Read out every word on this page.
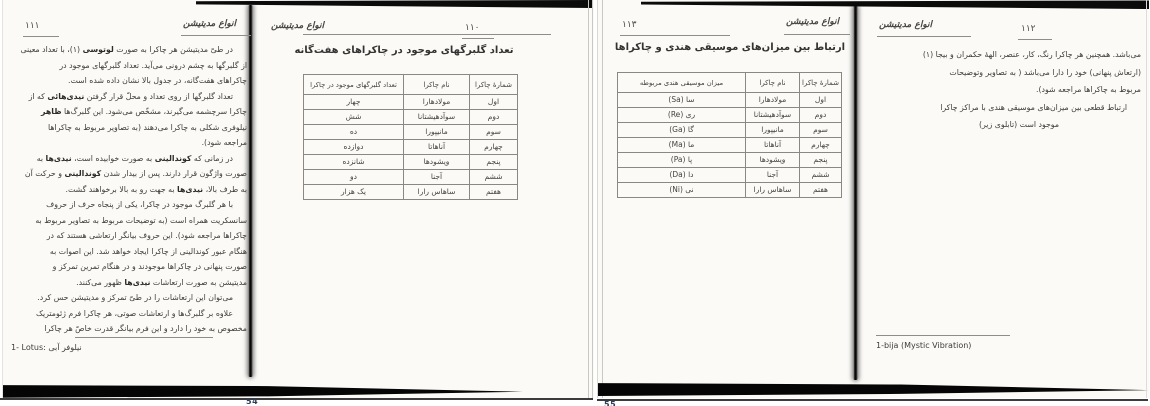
۱۱۱	انواع مدیتیشن
در طیّ مدیتیشن هر چاکرا به صورت لوتوسی (۱)، با تعداد معینی
از گلبرگها به چشم درونی می‌آید. تعداد گلبرگهای موجود در
چاکراهای هفت‌گانه، در جدول بالا نشان داده شده است.
تعداد گلبرگها از روی تعداد و محلّ قرار گرفتن نیدی‌هائی که از
چاکرا سرچشمه می‌گیرند، مشخّص می‌شود. این گلبرگ‌ها ظاهر
نیلوفری شکلی به چاکرا می‌دهند (به تصاویر مربوط به چاکراها
مراجعه شود).
در زمانی که کوندالینی به صورت خوابیده است، نیدی‌ها به
صورت واژگون قرار دارند. پس از بیدار شدن کوندالینی و حرکت آن
به طرف بالا، نیدی‌ها به جهت رو به بالا برخواهند گشت.
با هر گلبرگ موجود در چاکرا، یکی از پنجاه حرف از حروف
سانسکریت همراه است (به توضیحات مربوط به تصاویر مربوط به
چاکراها مراجعه شود). این حروف بیانگر ارتعاشی هستند که در
هنگام عبور کوندالینی از چاکرا ایجاد خواهد شد. این اصوات به
صورت پنهانی در چاکراها موجودند و در هنگام تمرین تمرکز و
مدیتیشن به صورت ارتعاشات نیدی‌ها ظهور می‌کنند.
می‌توان این ارتعاشات را در طیّ تمرکز و مدیتیشن حس کرد.
علاوه بر گلبرگ‌ها و ارتعاشات صوتی، هر چاکرا فرم ژئومتریک
مخصوص به خود را دارد و این فرم بیانگر قدرت خاصّ هر چاکرا
1- Lotus: نیلوفر آبی
انواع مدیتیشن	۱۱۰
تعداد گلبرگهای موجود در چاکراهای هفت‌گانه
شمارهٔ چاکرا	نام چاکرا	تعداد گلبرگهای موجود در چاکرا
اول	مولادهارا	چهار
دوم	سوآدهیشتانا	شش
سوم	مانیپورا	ده
چهارم	آناهاتا	دوازده
پنجم	ویشودها	شانزده
ششم	آجنا	دو
هفتم	ساهاس رارا	یک هزار
۱۱۳	انواع مدیتیشن
ارتباط بین میزان‌های موسیقی هندی و چاکراها
شمارهٔ چاکرا	نام چاکرا	میزان موسیقی هندی مربوطه
اول	مولادهارا	سا (Sa)
دوم	سوآدهیشتانا	ری (Re)
سوم	مانیپورا	گا (Ga)
چهارم	آناهاتا	ما (Ma)
پنجم	ویشودها	پا (Pa)
ششم	آجنا	دا (Da)
هفتم	ساهاس رارا	نی (Ni)
انواع مدیتیشن	۱۱۲
می‌باشد. همچنین هر چاکرا رنگ، کار، عنصر، الهۀ حکمران و بیجا (۱)
(ارتعاش پنهانی) خود را دارا می‌باشد ( به تصاویر وتوضیحات
مربوط به چاکراها مراجعه شود).
ارتباط قطعی بین میزان‌های موسیقی هندی با مراکز چاکرا
موجود است (تابلوی زیر)
1-bija (Mystic Vibration)
54	55
